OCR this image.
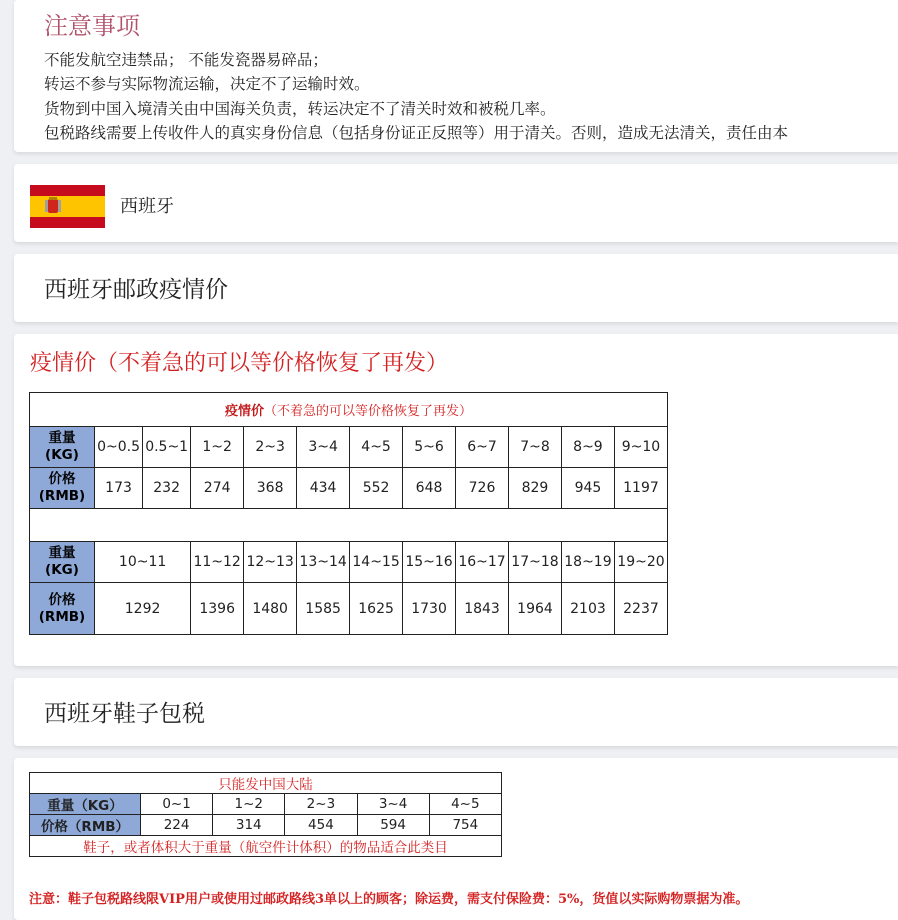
注意事项
不能发航空违禁品； 不能发瓷器易碎品；
转运不参与实际物流运输，决定不了运输时效。
货物到中国入境清关由中国海关负责，转运决定不了清关时效和被税几率。
包税路线需要上传收件人的真实身份信息（包括身份证正反照等）用于清关。否则，造成无法清关，责任由本
西班牙
西班牙邮政疫情价
疫情价（不着急的可以等价格恢复了再发）
疫情价（不着急的可以等价格恢复了再发）											
重量
(KG)	0~0.5	0.5~1	1~2	2~3	3~4	4~5	5~6	6~7	7~8	8~9	9~10
价格
(RMB)	173	232	274	368	434	552	648	726	829	945	1197

重量
(KG)	10~11		11~12	12~13	13~14	14~15	15~16	16~17	17~18	18~19	19~20
价格
(RMB)	1292		1396	1480	1585	1625	1730	1843	1964	2103	2237
西班牙鞋子包税
只能发中国大陆					
重量（KG）	0~1	1~2	2~3	3~4	4~5
价格（RMB）	224	314	454	594	754
鞋子，或者体积大于重量（航空件计体积）的物品适合此类目					
注意：鞋子包税路线限VIP用户或使用过邮政路线3单以上的顾客；除运费，需支付保险费：5%，货值以实际购物票据为准。
